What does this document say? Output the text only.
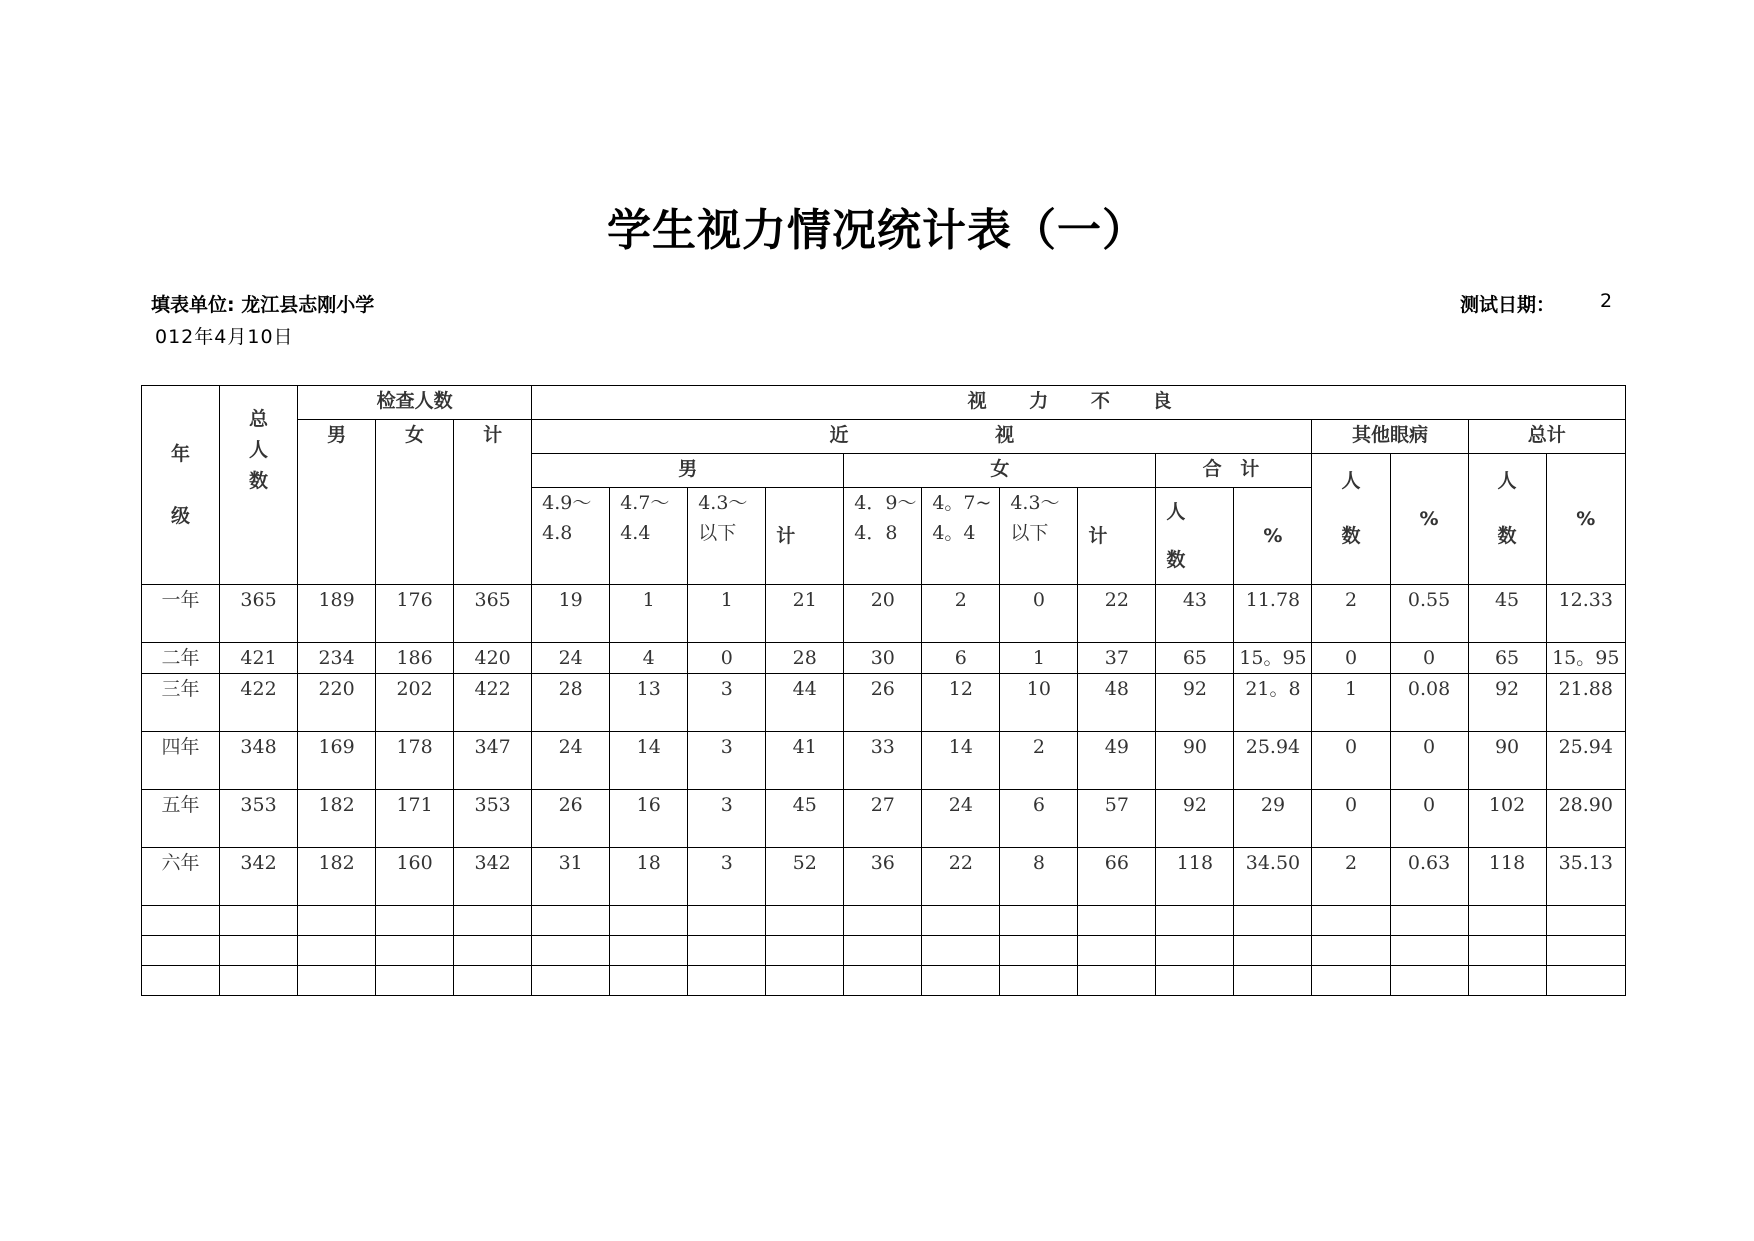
学生视力情况统计表（一）
填表单位: 龙江县志刚小学	测试日期： 2
012年4月10日
年级	总人数	检查人数			视 力 不 良													
		男	女	计	近 视										其他眼病		总计	
					男				女				合 计		人数	%	人数	%
					4.9～4.8	4.7～4.4	4.3～以下	计	4．9～4．8	4。7~4。4	4.3～以下	计	人数	%				
一年	365	189	176	365	19	1	1	21	20	2	0	22	43	11.78	2	0.55	45	12.33
二年	421	234	186	420	24	4	0	28	30	6	1	37	65	15。95	0	0	65	15。95
三年	422	220	202	422	28	13	3	44	26	12	10	48	92	21。8	1	0.08	92	21.88
四年	348	169	178	347	24	14	3	41	33	14	2	49	90	25.94	0	0	90	25.94
五年	353	182	171	353	26	16	3	45	27	24	6	57	92	29	0	0	102	28.90
六年	342	182	160	342	31	18	3	52	36	22	8	66	118	34.50	2	0.63	118	35.13
